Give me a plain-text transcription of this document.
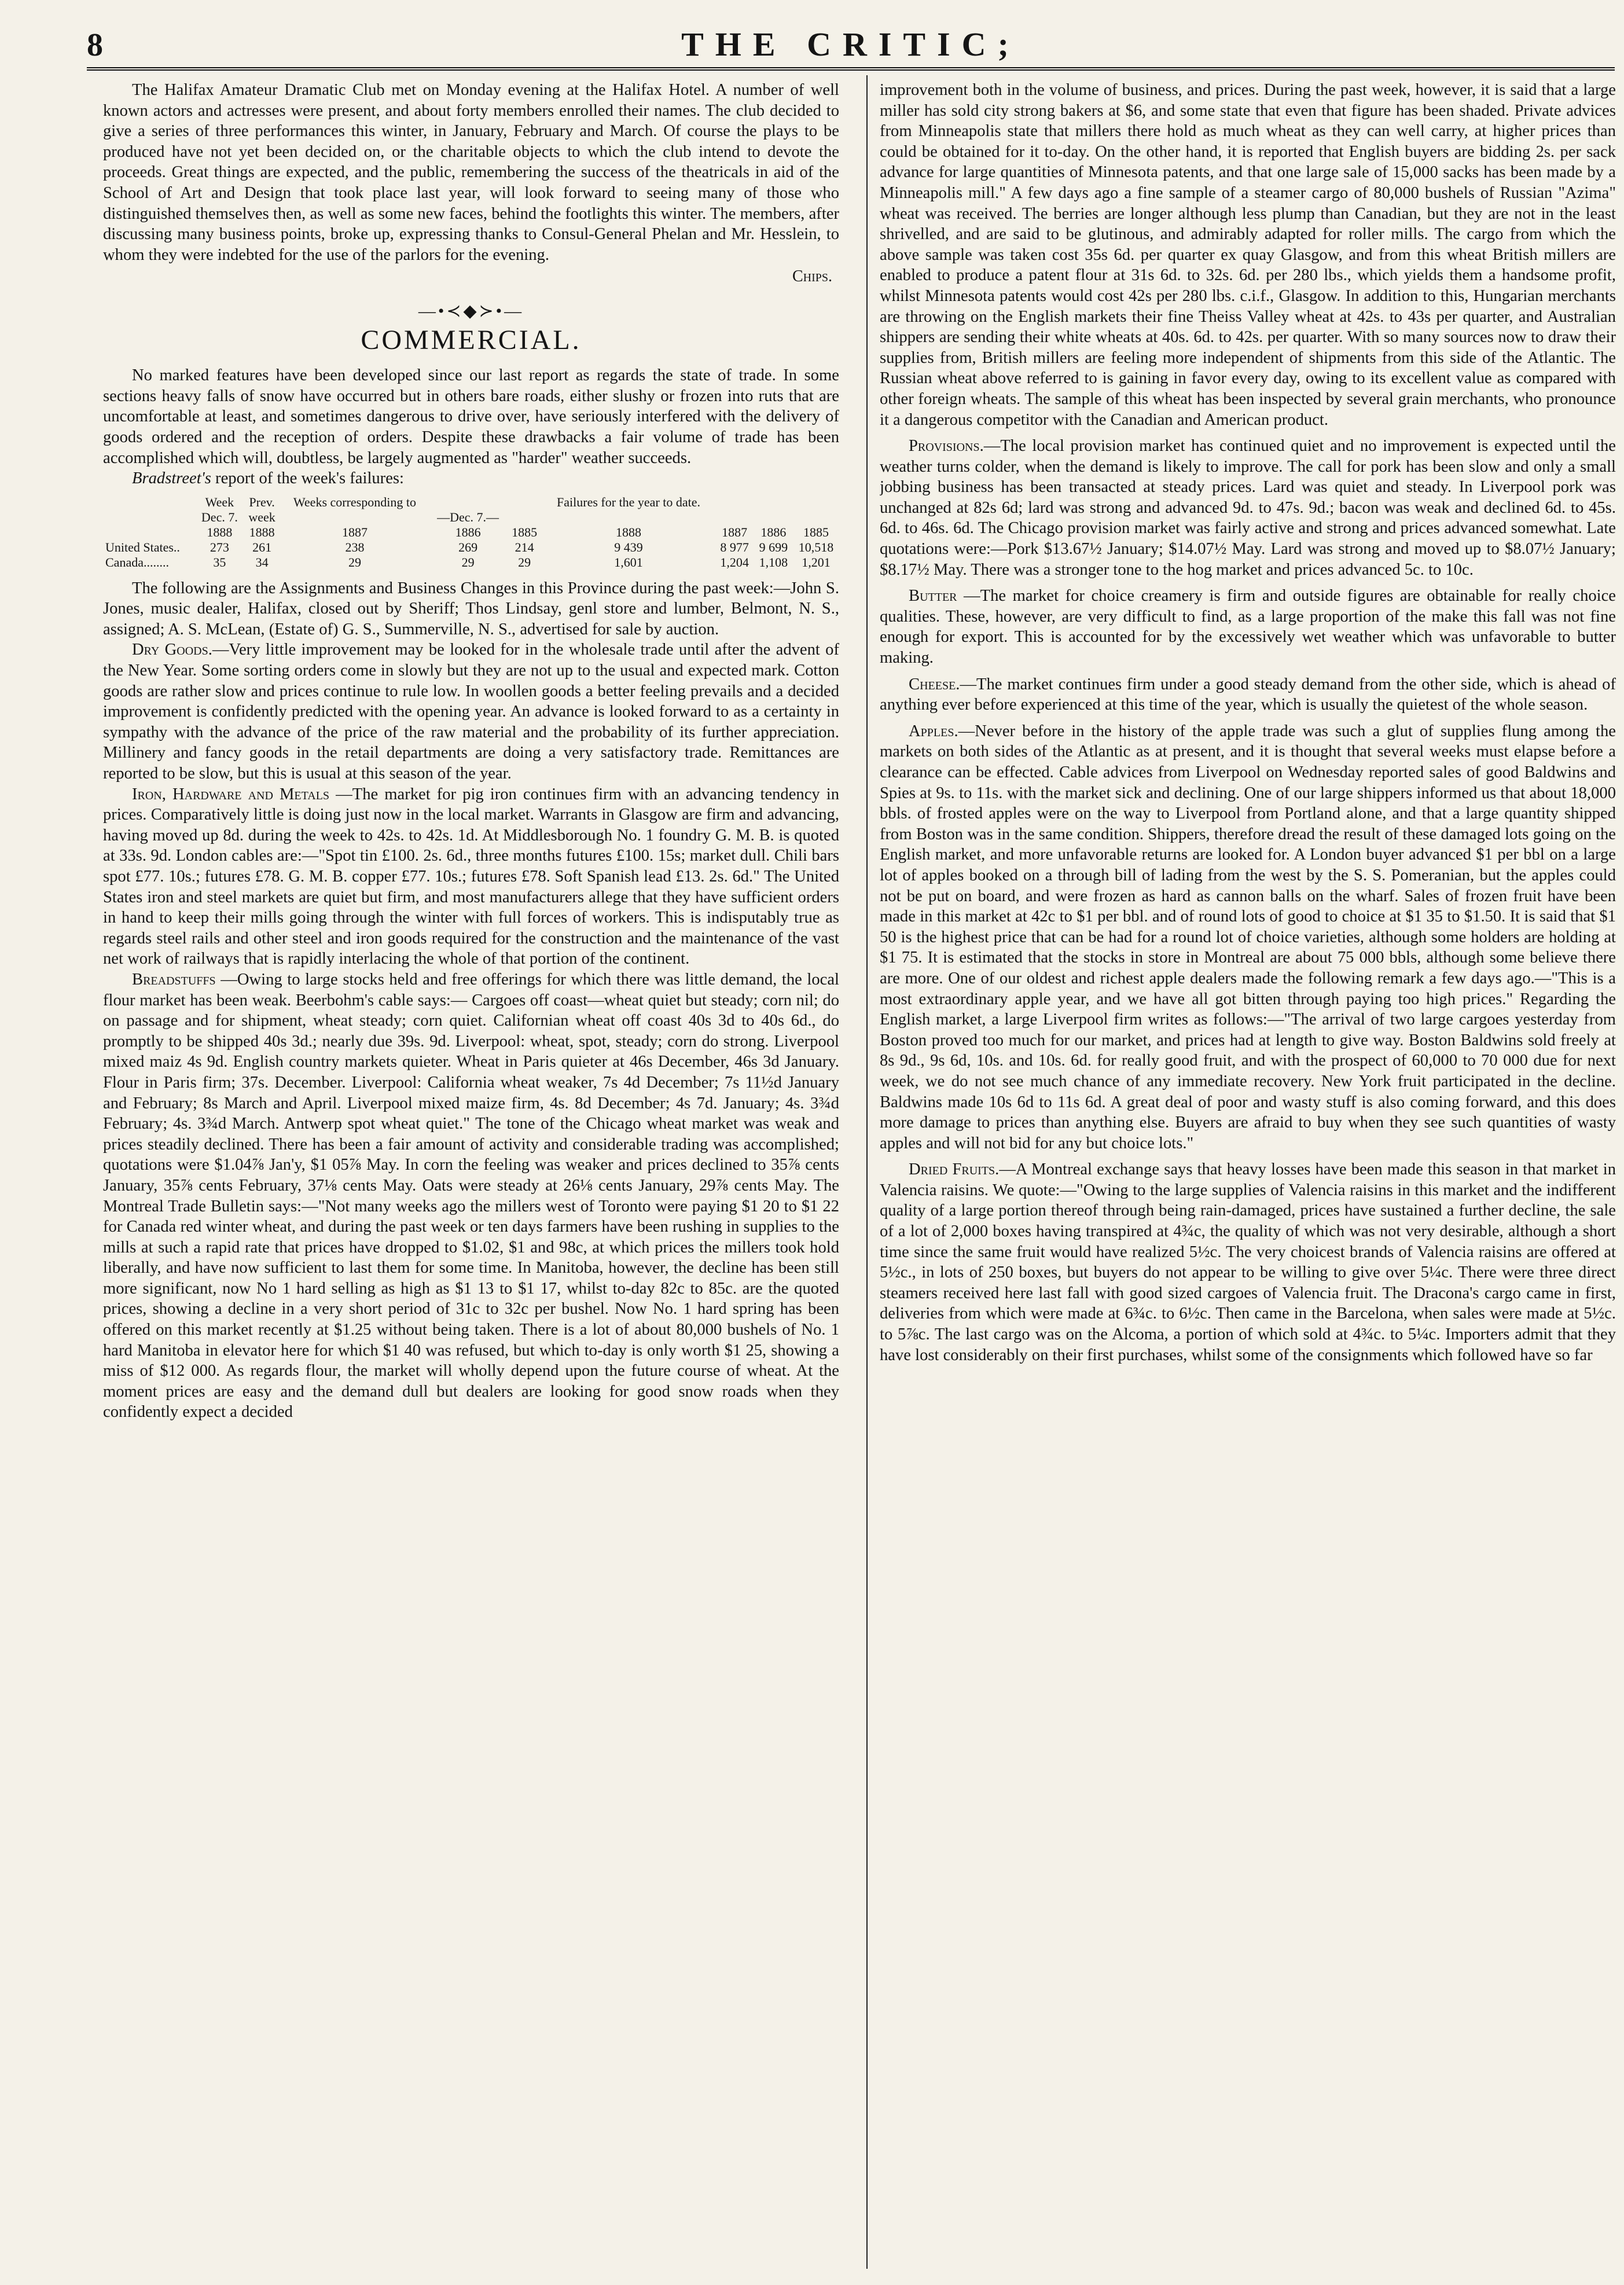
8	THE CRITIC;

The Halifax Amateur Dramatic Club met on Monday evening at the Halifax Hotel. A number of well known actors and actresses were present, and about forty members enrolled their names. The club decided to give a series of three performances this winter, in January, February and March. Of course the plays to be produced have not yet been decided on, or the charitable objects to which the club intend to devote the proceeds. Great things are expected, and the public, remembering the success of the theatricals in aid of the School of Art and Design that took place last year, will look forward to seeing many of those who distinguished themselves then, as well as some new faces, behind the footlights this winter. The members, after discussing many business points, broke up, expressing thanks to Consul-General Phelan and Mr. Hesslein, to whom they were indebted for the use of the parlors for the evening.

Chips.
—•≺◆≻•—
COMMERCIAL.

No marked features have been developed since our last report as regards the state of trade. In some sections heavy falls of snow have occurred but in others bare roads, either slushy or frozen into ruts that are uncomfortable at least, and sometimes dangerous to drive over, have seriously interfered with the delivery of goods ordered and the reception of orders. Despite these drawbacks a fair volume of trade has been accomplished which will, doubtless, be largely augmented as "harder" weather succeeds.

Bradstreet's report of the week's failures:

	Week	Prev.	Weeks corresponding to			Failures for the year to date.			
	Dec. 7.	week		—Dec. 7.—					
	1888	1888	1887	1886	1885	1888	1887	1886	1885
United States..	273	261	238	269	214	9 439	8 977	9 699	10,518
Canada........	35	34	29	29	29	1,601	1,204	1,108	1,201

The following are the Assignments and Business Changes in this Province during the past week:—John S. Jones, music dealer, Halifax, closed out by Sheriff; Thos Lindsay, genl store and lumber, Belmont, N. S., assigned; A. S. McLean, (Estate of) G. S., Summerville, N. S., advertised for sale by auction.

Dry Goods.—Very little improvement may be looked for in the wholesale trade until after the advent of the New Year. Some sorting orders come in slowly but they are not up to the usual and expected mark. Cotton goods are rather slow and prices continue to rule low. In woollen goods a better feeling prevails and a decided improvement is confidently predicted with the opening year. An advance is looked forward to as a certainty in sympathy with the advance of the price of the raw material and the probability of its further appreciation. Millinery and fancy goods in the retail departments are doing a very satisfactory trade. Remittances are reported to be slow, but this is usual at this season of the year.

Iron, Hardware and Metals —The market for pig iron continues firm with an advancing tendency in prices. Comparatively little is doing just now in the local market. Warrants in Glasgow are firm and advancing, having moved up 8d. during the week to 42s. to 42s. 1d. At Middlesborough No. 1 foundry G. M. B. is quoted at 33s. 9d. London cables are:—"Spot tin £100. 2s. 6d., three months futures £100. 15s; market dull. Chili bars spot £77. 10s.; futures £78. G. M. B. copper £77. 10s.; futures £78. Soft Spanish lead £13. 2s. 6d." The United States iron and steel markets are quiet but firm, and most manufacturers allege that they have sufficient orders in hand to keep their mills going through the winter with full forces of workers. This is indisputably true as regards steel rails and other steel and iron goods required for the construction and the maintenance of the vast net work of railways that is rapidly interlacing the whole of that portion of the continent.

Breadstuffs —Owing to large stocks held and free offerings for which there was little demand, the local flour market has been weak. Beerbohm's cable says:— Cargoes off coast—wheat quiet but steady; corn nil; do on passage and for shipment, wheat steady; corn quiet. Californian wheat off coast 40s 3d to 40s 6d., do promptly to be shipped 40s 3d.; nearly due 39s. 9d. Liverpool: wheat, spot, steady; corn do strong. Liverpool mixed maiz 4s 9d. English country markets quieter. Wheat in Paris quieter at 46s December, 46s 3d January. Flour in Paris firm; 37s. December. Liverpool: California wheat weaker, 7s 4d December; 7s 11½d January and February; 8s March and April. Liverpool mixed maize firm, 4s. 8d December; 4s 7d. January; 4s. 3¾d February; 4s. 3¾d March. Antwerp spot wheat quiet." The tone of the Chicago wheat market was weak and prices steadily declined. There has been a fair amount of activity and considerable trading was accomplished; quotations were $1.04⅞ Jan'y, $1 05⅞ May. In corn the feeling was weaker and prices declined to 35⅞ cents January, 35⅞ cents February, 37⅛ cents May. Oats were steady at 26⅛ cents January, 29⅞ cents May. The Montreal Trade Bulletin says:—"Not many weeks ago the millers west of Toronto were paying $1 20 to $1 22 for Canada red winter wheat, and during the past week or ten days farmers have been rushing in supplies to the mills at such a rapid rate that prices have dropped to $1.02, $1 and 98c, at which prices the millers took hold liberally, and have now sufficient to last them for some time. In Manitoba, however, the decline has been still more significant, now No 1 hard selling as high as $1 13 to $1 17, whilst to-day 82c to 85c. are the quoted prices, showing a decline in a very short period of 31c to 32c per bushel. Now No. 1 hard spring has been offered on this market recently at $1.25 without being taken. There is a lot of about 80,000 bushels of No. 1 hard Manitoba in elevator here for which $1 40 was refused, but which to-day is only worth $1 25, showing a miss of $12 000. As regards flour, the market will wholly depend upon the future course of wheat. At the moment prices are easy and the demand dull but dealers are looking for good snow roads when they confidently expect a decided

improvement both in the volume of business, and prices. During the past week, however, it is said that a large miller has sold city strong bakers at $6, and some state that even that figure has been shaded. Private advices from Minneapolis state that millers there hold as much wheat as they can well carry, at higher prices than could be obtained for it to-day. On the other hand, it is reported that English buyers are bidding 2s. per sack advance for large quantities of Minnesota patents, and that one large sale of 15,000 sacks has been made by a Minneapolis mill." A few days ago a fine sample of a steamer cargo of 80,000 bushels of Russian "Azima" wheat was received. The berries are longer although less plump than Canadian, but they are not in the least shrivelled, and are said to be glutinous, and admirably adapted for roller mills. The cargo from which the above sample was taken cost 35s 6d. per quarter ex quay Glasgow, and from this wheat British millers are enabled to produce a patent flour at 31s 6d. to 32s. 6d. per 280 lbs., which yields them a handsome profit, whilst Minnesota patents would cost 42s per 280 lbs. c.i.f., Glasgow. In addition to this, Hungarian merchants are throwing on the English markets their fine Theiss Valley wheat at 42s. to 43s per quarter, and Australian shippers are sending their white wheats at 40s. 6d. to 42s. per quarter. With so many sources now to draw their supplies from, British millers are feeling more independent of shipments from this side of the Atlantic. The Russian wheat above referred to is gaining in favor every day, owing to its excellent value as compared with other foreign wheats. The sample of this wheat has been inspected by several grain merchants, who pronounce it a dangerous competitor with the Canadian and American product.

Provisions.—The local provision market has continued quiet and no improvement is expected until the weather turns colder, when the demand is likely to improve. The call for pork has been slow and only a small jobbing business has been transacted at steady prices. Lard was quiet and steady. In Liverpool pork was unchanged at 82s 6d; lard was strong and advanced 9d. to 47s. 9d.; bacon was weak and declined 6d. to 45s. 6d. to 46s. 6d. The Chicago provision market was fairly active and strong and prices advanced somewhat. Late quotations were:—Pork $13.67½ January; $14.07½ May. Lard was strong and moved up to $8.07½ January; $8.17½ May. There was a stronger tone to the hog market and prices advanced 5c. to 10c.

Butter —The market for choice creamery is firm and outside figures are obtainable for really choice qualities. These, however, are very difficult to find, as a large proportion of the make this fall was not fine enough for export. This is accounted for by the excessively wet weather which was unfavorable to butter making.

Cheese.—The market continues firm under a good steady demand from the other side, which is ahead of anything ever before experienced at this time of the year, which is usually the quietest of the whole season.

Apples.—Never before in the history of the apple trade was such a glut of supplies flung among the markets on both sides of the Atlantic as at present, and it is thought that several weeks must elapse before a clearance can be effected. Cable advices from Liverpool on Wednesday reported sales of good Baldwins and Spies at 9s. to 11s. with the market sick and declining. One of our large shippers informed us that about 18,000 bbls. of frosted apples were on the way to Liverpool from Portland alone, and that a large quantity shipped from Boston was in the same condition. Shippers, therefore dread the result of these damaged lots going on the English market, and more unfavorable returns are looked for. A London buyer advanced $1 per bbl on a large lot of apples booked on a through bill of lading from the west by the S. S. Pomeranian, but the apples could not be put on board, and were frozen as hard as cannon balls on the wharf. Sales of frozen fruit have been made in this market at 42c to $1 per bbl. and of round lots of good to choice at $1 35 to $1.50. It is said that $1 50 is the highest price that can be had for a round lot of choice varieties, although some holders are holding at $1 75. It is estimated that the stocks in store in Montreal are about 75 000 bbls, although some believe there are more. One of our oldest and richest apple dealers made the following remark a few days ago.—"This is a most extraordinary apple year, and we have all got bitten through paying too high prices." Regarding the English market, a large Liverpool firm writes as follows:—"The arrival of two large cargoes yesterday from Boston proved too much for our market, and prices had at length to give way. Boston Baldwins sold freely at 8s 9d., 9s 6d, 10s. and 10s. 6d. for really good fruit, and with the prospect of 60,000 to 70 000 due for next week, we do not see much chance of any immediate recovery. New York fruit participated in the decline. Baldwins made 10s 6d to 11s 6d. A great deal of poor and wasty stuff is also coming forward, and this does more damage to prices than anything else. Buyers are afraid to buy when they see such quantities of wasty apples and will not bid for any but choice lots."

Dried Fruits.—A Montreal exchange says that heavy losses have been made this season in that market in Valencia raisins. We quote:—"Owing to the large supplies of Valencia raisins in this market and the indifferent quality of a large portion thereof through being rain-damaged, prices have sustained a further decline, the sale of a lot of 2,000 boxes having transpired at 4¾c, the quality of which was not very desirable, although a short time since the same fruit would have realized 5½c. The very choicest brands of Valencia raisins are offered at 5½c., in lots of 250 boxes, but buyers do not appear to be willing to give over 5¼c. There were three direct steamers received here last fall with good sized cargoes of Valencia fruit. The Dracona's cargo came in first, deliveries from which were made at 6¾c. to 6½c. Then came in the Barcelona, when sales were made at 5½c. to 5⅞c. The last cargo was on the Alcoma, a portion of which sold at 4¾c. to 5¼c. Importers admit that they have lost considerably on their first purchases, whilst some of the consignments which followed have so far
